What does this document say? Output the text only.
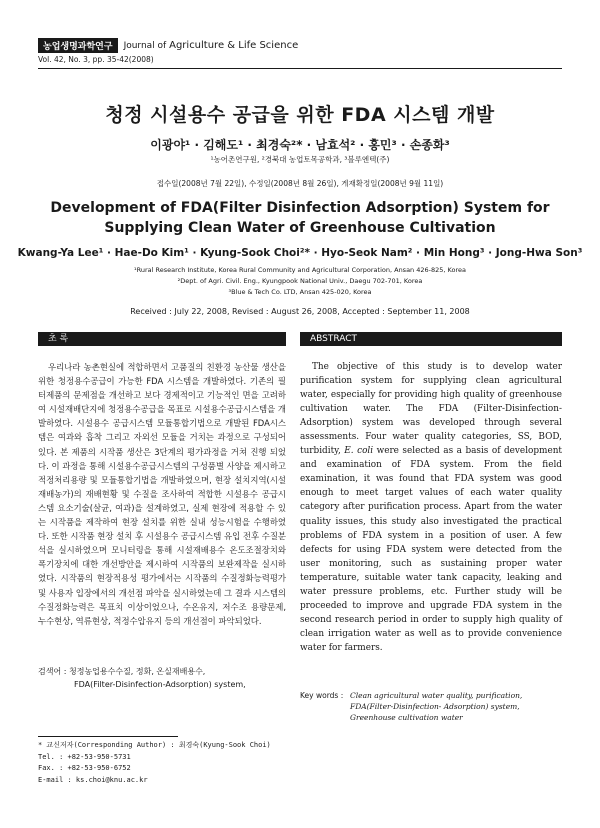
농업생명과학연구	Journal of Agriculture & Life Science
Vol. 42, No. 3, pp. 35-42(2008)
청정 시설용수 공급을 위한 FDA 시스템 개발
이광야¹ · 김해도¹ · 최경숙²* · 남효석² · 홍민³ · 손종화³
¹농어촌연구원, ²경북대 농업토목공학과, ³블루엔텍(주)
접수일(2008년 7월 22일), 수정일(2008년 8월 26일), 게재확정일(2008년 9월 11일)
Development of FDA(Filter Disinfection Adsorption) System for
Supplying Clean Water of Greenhouse Cultivation
Kwang-Ya Lee¹ · Hae-Do Kim¹ · Kyung-Sook Choi²* · Hyo-Seok Nam² · Min Hong³ · Jong-Hwa Son³
¹Rural Research Institute, Korea Rural Community and Agricultural Corporation, Ansan 426-825, Korea
²Dept. of Agri. Civil. Eng., Kyungpook National Univ., Daegu 702-701, Korea
³Blue & Tech Co. LTD, Ansan 425-020, Korea
Received : July 22, 2008, Revised : August 26, 2008, Accepted : September 11, 2008
초 록	ABSTRACT

우리나라 농촌현실에 적합하면서 고품질의 친환경 농산물 생산을 위한 청정용수공급이 가능한 FDA 시스템을 개발하였다. 기존의 필터제품의 문제점을 개선하고 보다 경제적이고 기능적인 면을 고려하여 시설재배단지에 청정용수공급을 목표로 시설용수공급시스템을 개발하였다. 시설용수 공급시스템 모듈통합기법으로 개발된 FDA시스템은 여과와 흡착 그리고 자외선 모듈을 거치는 과정으로 구성되어 있다. 본 제품의 시작품 생산은 3단계의 평가과정을 거쳐 진행 되었다. 이 과정을 통해 시설용수공급시스템의 구성품별 사양을 제시하고 적정처리용량 및 모듈통합기법을 개발하였으며, 현장 설치지역(시설재배농가)의 재배현황 및 수질을 조사하여 적합한 시설용수 공급시스템 요소기술(살균, 여과)을 설계하였고, 실제 현장에 적용할 수 있는 시작품을 제작하여 현장 설치를 위한 실내 성능시험을 수행하였다. 또한 시작품 현장 설치 후 시설용수 공급시스템 유입 전후 수질분석을 실시하였으며 모니터링을 통해 시설재배용수 온도조절장치와 폭기장치에 대한 개선방안을 제시하여 시작품의 보완제작을 실시하였다. 시작품의 현장적용성 평가에서는 시작품의 수질정화능력평가 및 사용자 입장에서의 개선점 파악을 실시하였는데 그 결과 시스템의 수질정화능력은 목표치 이상이었으나, 수온유지, 저수조 용량문제, 누수현상, 역류현상, 적정수압유지 등의 개선점이 파악되었다.

검색어 : 청정농업용수수질, 정화, 온실재배용수,
FDA(Filter-Disinfection-Adsorption) system,

The objective of this study is to develop water purification system for supplying clean agricultural water, especially for providing high quality of greenhouse cultivation water. The FDA (Filter-Disinfection-Adsorption) system was developed through several assessments. Four water quality categories, SS, BOD, turbidity, E. coli were selected as a basis of development and examination of FDA system. From the field examination, it was found that FDA system was good enough to meet target values of each water quality category after purification process. Apart from the water quality issues, this study also investigated the practical problems of FDA system in a position of user. A few defects for using FDA system were detected from the user monitoring, such as sustaining proper water temperature, suitable water tank capacity, leaking and water pressure problems, etc. Further study will be proceeded to improve and upgrade FDA system in the second research period in order to supply high quality of clean irrigation water as well as to provide convenience water for farmers.

Key words : Clean agricultural water quality, purification, FDA(Filter-Disinfection- Adsorption) system, Greenhouse cultivation water
* 교신저자(Corresponding Author) : 최경숙(Kyung-Sook Choi)
Tel. : +82-53-950-5731
Fax. : +82-53-950-6752
E-mail : ks.choi@knu.ac.kr
